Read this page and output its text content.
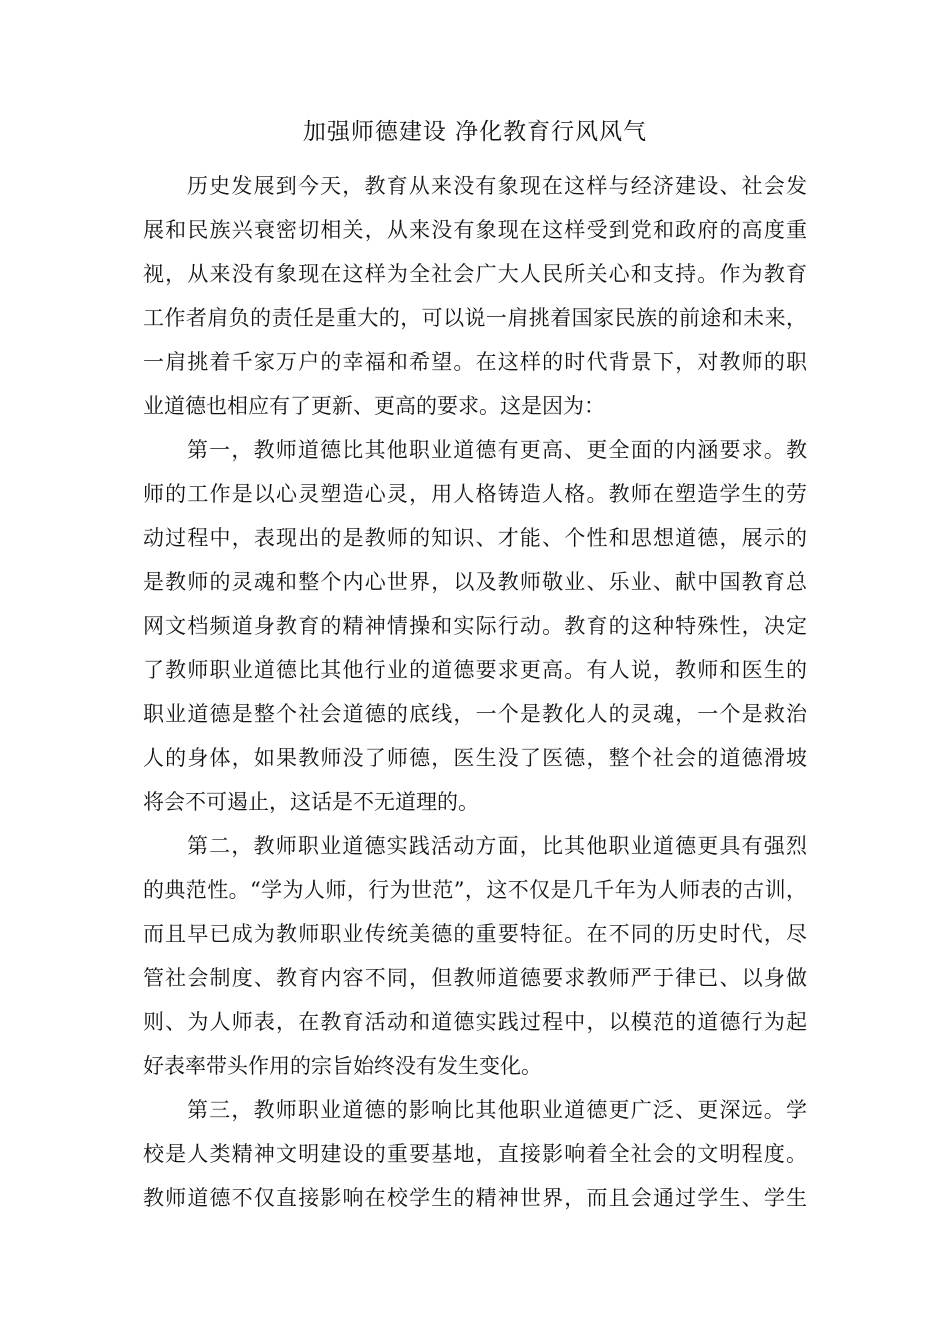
加强师德建设 净化教育行风风气
历史发展到今天，教育从来没有象现在这样与经济建设、社会发
展和民族兴衰密切相关，从来没有象现在这样受到党和政府的高度重
视，从来没有象现在这样为全社会广大人民所关心和支持。作为教育
工作者肩负的责任是重大的，可以说一肩挑着国家民族的前途和未来，
一肩挑着千家万户的幸福和希望。在这样的时代背景下，对教师的职
业道德也相应有了更新、更高的要求。这是因为：
第一，教师道德比其他职业道德有更高、更全面的内涵要求。教
师的工作是以心灵塑造心灵，用人格铸造人格。教师在塑造学生的劳
动过程中，表现出的是教师的知识、才能、个性和思想道德，展示的
是教师的灵魂和整个内心世界，以及教师敬业、乐业、献中国教育总
网文档频道身教育的精神情操和实际行动。教育的这种特殊性，决定
了教师职业道德比其他行业的道德要求更高。有人说，教师和医生的
职业道德是整个社会道德的底线，一个是教化人的灵魂，一个是救治
人的身体，如果教师没了师德，医生没了医德，整个社会的道德滑坡
将会不可遏止，这话是不无道理的。
第二，教师职业道德实践活动方面，比其他职业道德更具有强烈
的典范性。“学为人师，行为世范”，这不仅是几千年为人师表的古训，
而且早已成为教师职业传统美德的重要特征。在不同的历史时代，尽
管社会制度、教育内容不同，但教师道德要求教师严于律已、以身做
则、为人师表，在教育活动和道德实践过程中，以模范的道德行为起
好表率带头作用的宗旨始终没有发生变化。
第三，教师职业道德的影响比其他职业道德更广泛、更深远。学
校是人类精神文明建设的重要基地，直接影响着全社会的文明程度。
教师道德不仅直接影响在校学生的精神世界，而且会通过学生、学生
